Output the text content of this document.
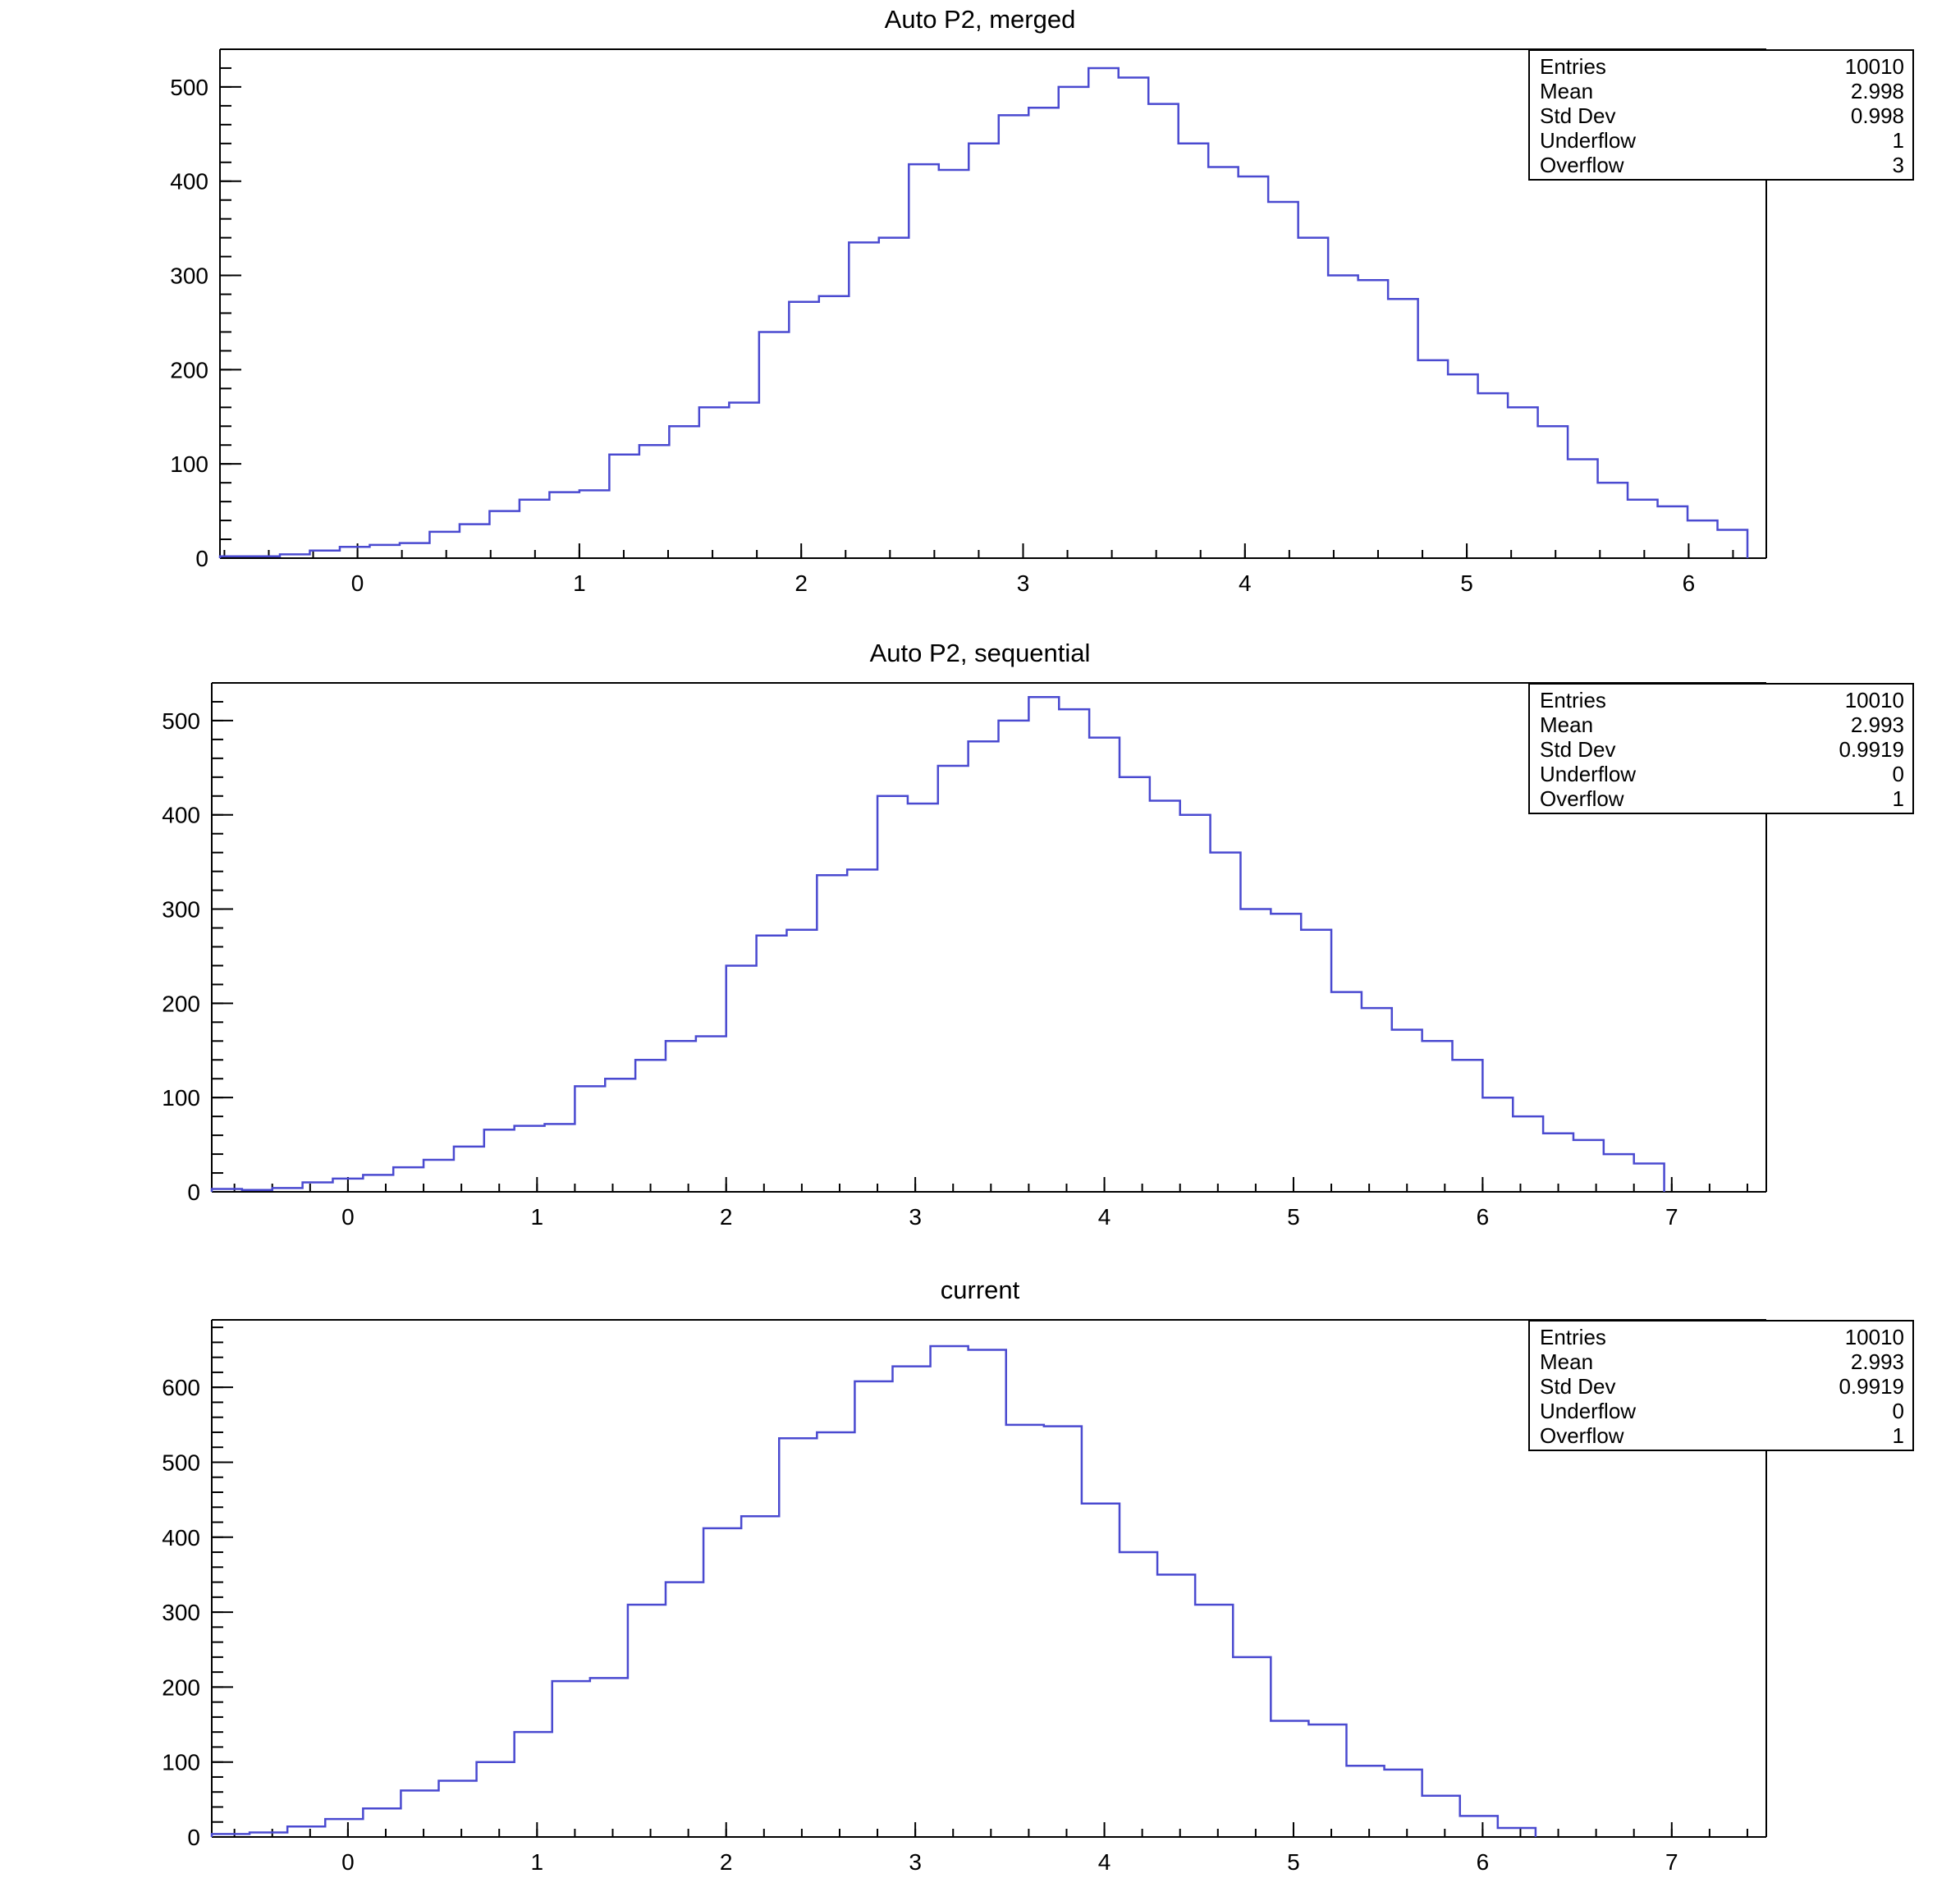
Auto P2, merged
0
100
200
300
400
500
0	1	2	3	4	5	6
Entries	10010
Mean	2.998
Std Dev	0.998
Underflow	1
Overflow	3
Auto P2, sequential
0
100
200
300
400
500
0	1	2	3	4	5	6	7
Entries	10010
Mean	2.993
Std Dev	0.9919
Underflow	0
Overflow	1
current
0
100
200
300
400
500
600
0	1	2	3	4	5	6	7
Entries	10010
Mean	2.993
Std Dev	0.9919
Underflow	0
Overflow	1
